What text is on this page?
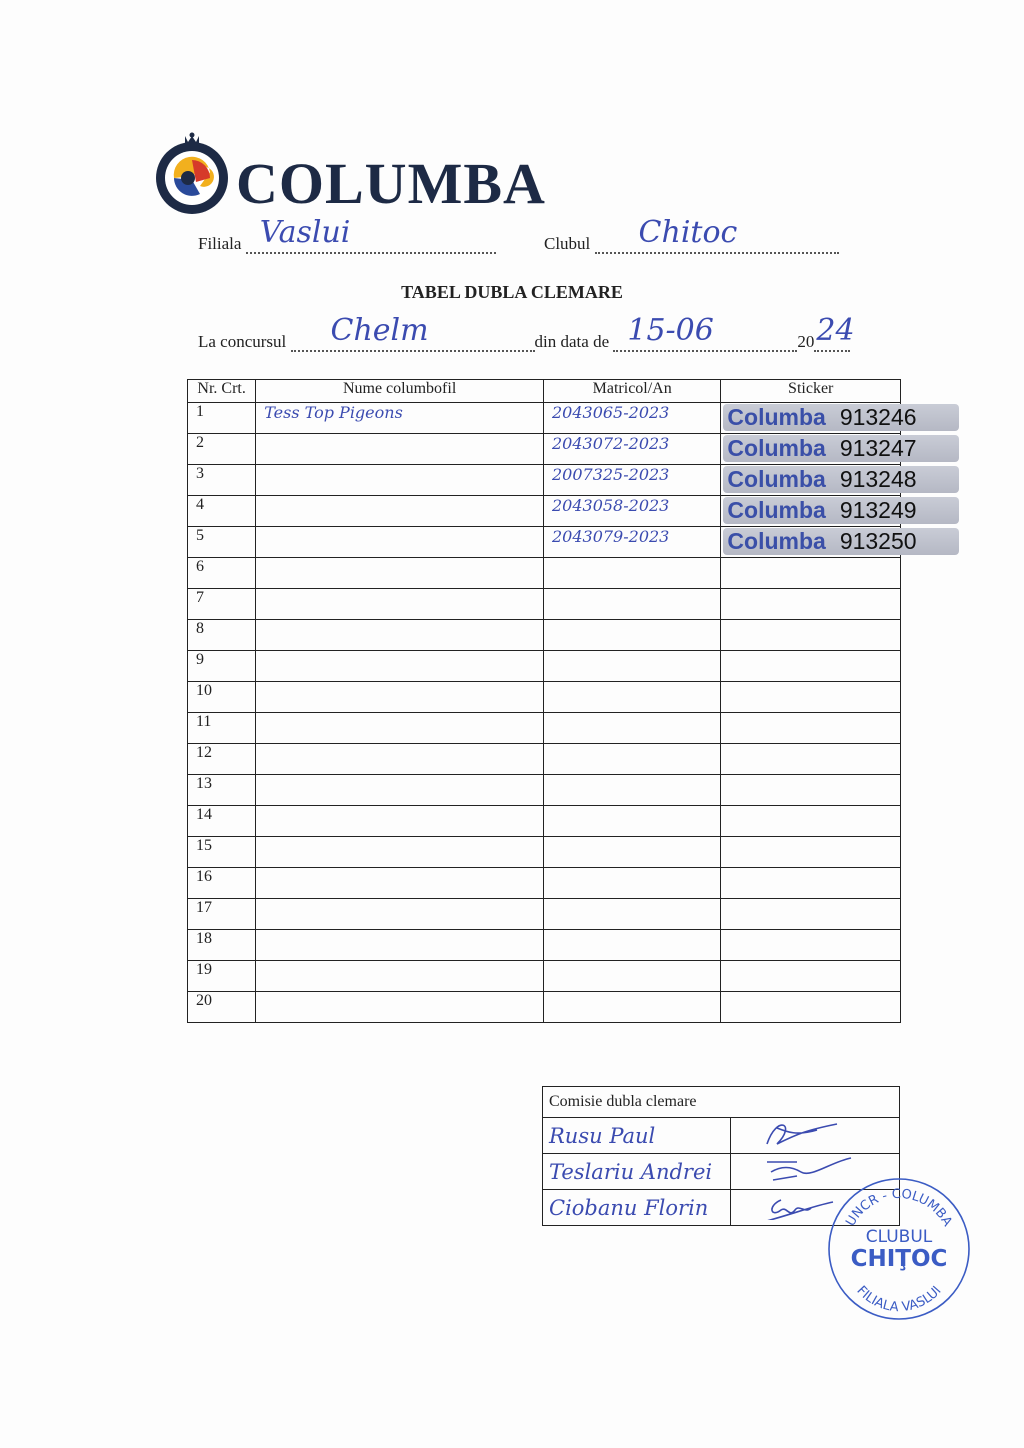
COLUMBA
Filiala Vaslui	Clubul Chitoc
TABEL DUBLA CLEMARE
La concursul Chelm	din data de 15-06	20 24
Nr. Crt.	Nume columbofil	Matricol/An	Sticker
1	Tess Top Pigeons	2043065-2023	Columba 913246

2		2043072-2023	Columba 913247

3		2007325-2023	Columba 913248

4		2043058-2023	Columba 913249

5		2043079-2023	Columba 913250

6			
7			
8			
9			
10			
11			
12			
13			
14			
15			
16			
17			
18			
19			
20			
Comisie dubla clemare	
Rusu Paul	
Teslariu Andrei	
Ciobanu Florin	
UNCR - COLUMBA
CLUBUL
CHIŢOC
FILIALA VASLUI
